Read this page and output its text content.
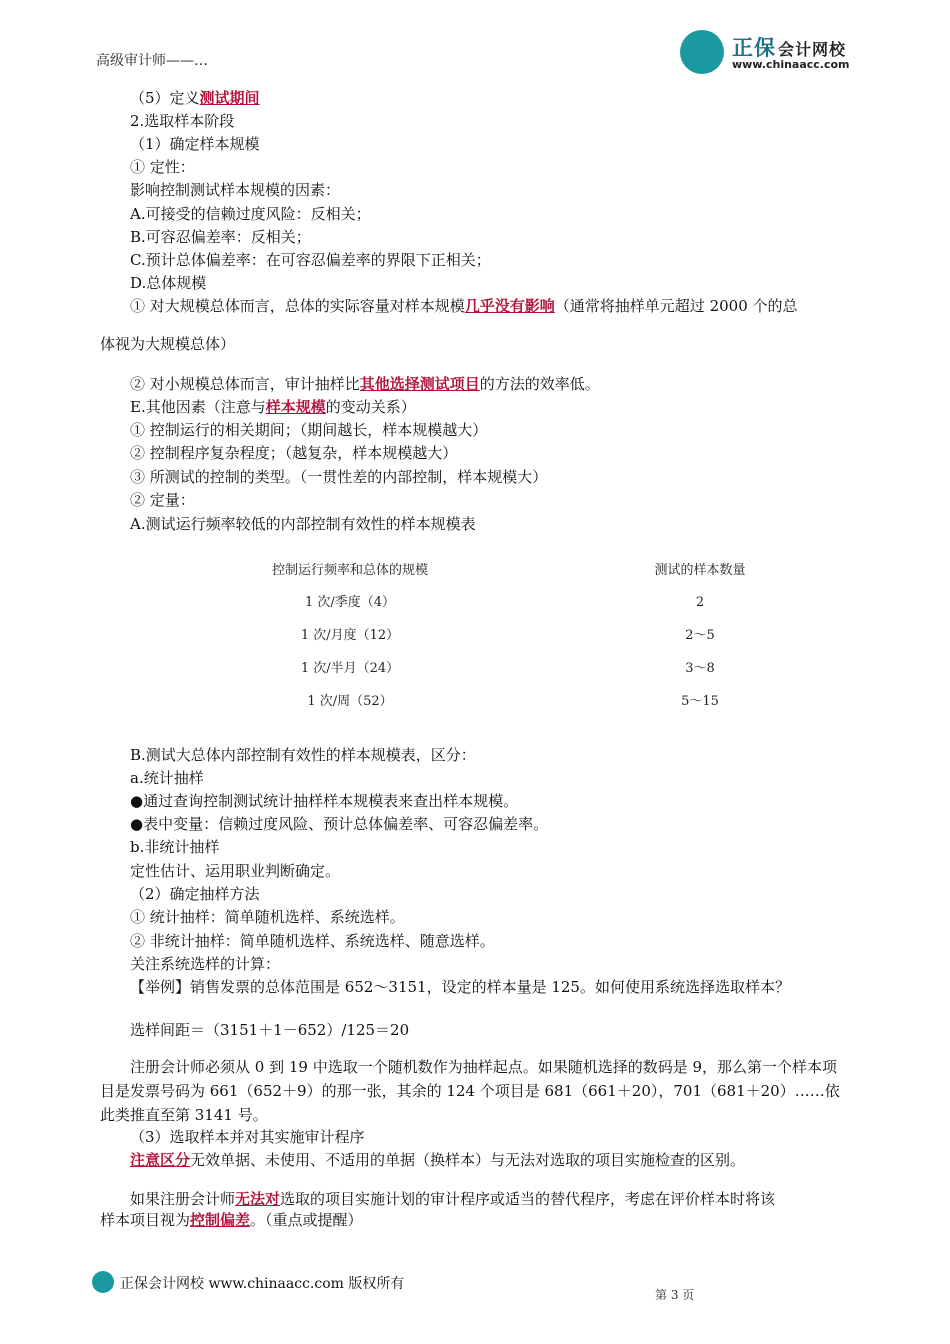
高级审计师——…
正保 会计网校
www.chinaacc.com
（5）定义测试期间
2.选取样本阶段
（1）确定样本规模
① 定性：
影响控制测试样本规模的因素：
A.可接受的信赖过度风险：反相关；
B.可容忍偏差率：反相关；
C.预计总体偏差率：在可容忍偏差率的界限下正相关；
D.总体规模
① 对大规模总体而言，总体的实际容量对样本规模几乎没有影响（通常将抽样单元超过 2000 个的总
体视为大规模总体）
② 对小规模总体而言，审计抽样比其他选择测试项目的方法的效率低。
E.其他因素（注意与样本规模的变动关系）
① 控制运行的相关期间；（期间越长，样本规模越大）
② 控制程序复杂程度；（越复杂，样本规模越大）
③ 所测试的控制的类型。（一贯性差的内部控制，样本规模大）
② 定量：
A.测试运行频率较低的内部控制有效性的样本规模表
控制运行频率和总体的规模	测试的样本数量
1 次/季度（4）	2
1 次/月度（12）	2～5
1 次/半月（24）	3～8
1 次/周（52）	5～15
B.测试大总体内部控制有效性的样本规模表，区分：
a.统计抽样
●通过查询控制测试统计抽样样本规模表来查出样本规模。
●表中变量：信赖过度风险、预计总体偏差率、可容忍偏差率。
b.非统计抽样
定性估计、运用职业判断确定。
（2）确定抽样方法
① 统计抽样：简单随机选样、系统选样。
② 非统计抽样：简单随机选样、系统选样、随意选样。
关注系统选样的计算：
【举例】销售发票的总体范围是 652～3151，设定的样本量是 125。如何使用系统选择选取样本？
选样间距＝（3151＋1－652）/125＝20
注册会计师必须从 0 到 19 中选取一个随机数作为抽样起点。如果随机选择的数码是 9，那么第一个样本项目是发票号码为 661（652＋9）的那一张，其余的 124 个项目是 681（661＋20），701（681＋20）……依此类推直至第 3141 号。
（3）选取样本并对其实施审计程序
注意区分无效单据、未使用、不适用的单据（换样本）与无法对选取的项目实施检查的区别。
如果注册会计师无法对选取的项目实施计划的审计程序或适当的替代程序，考虑在评价样本时将该
样本项目视为控制偏差。（重点或提醒）
正保会计网校 www.chinaacc.com 版权所有
第 3 页
